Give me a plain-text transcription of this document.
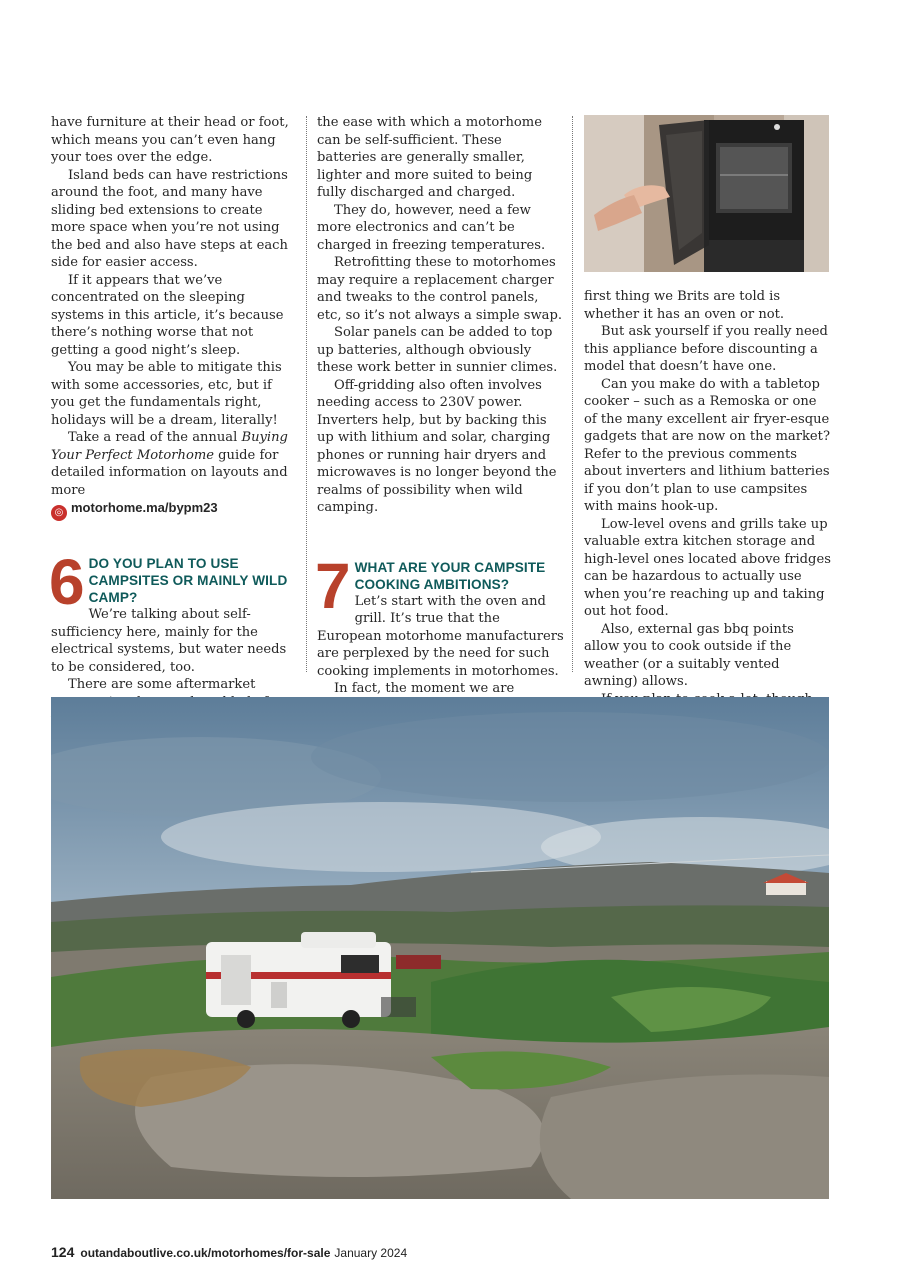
have furniture at their head or foot, which means you can’t even hang your toes over the edge.

Island beds can have restrictions around the foot, and many have sliding bed extensions to create more space when you’re not using the bed and also have steps at each side for easier access.

If it appears that we’ve concentrated on the sleeping systems in this article, it’s because there’s nothing worse that not getting a good night’s sleep.

You may be able to mitigate this with some accessories, etc, but if you get the fundamentals right, holidays will be a dream, literally!

Take a read of the annual Buying Your Perfect Motorhome guide for detailed information on layouts and more

◎ motorhome.ma/bypm23

6 DO YOU PLAN TO USE CAMPSITES OR MAINLY WILD CAMP?

We’re talking about self-sufficiency here, mainly for the electrical systems, but water needs to be considered, too.

There are some aftermarket

the ease with which a motorhome can be self-sufficient. These batteries are generally smaller, lighter and more suited to being fully discharged and charged.

They do, however, need a few more electronics and can’t be charged in freezing temperatures.

Retrofitting these to motorhomes may require a replacement charger and tweaks to the control panels, etc, so it’s not always a simple swap.

Solar panels can be added to top up batteries, although obviously these work better in sunnier climes.

Off-gridding also often involves needing access to 230V power. Inverters help, but by backing this up with lithium and solar, charging phones or running hair dryers and microwaves is no longer beyond the realms of possibility when wild camping.

7 WHAT ARE YOUR CAMPSITE COOKING AMBITIONS?

Let’s start with the oven and grill. It’s true that the European motorhome manufacturers are perplexed by the need for such cooking implements in motorhomes.

In fact, the moment we are

first thing we Brits are told is whether it has an oven or not.

But ask yourself if you really need this appliance before discounting a model that doesn’t have one.

Can you make do with a tabletop cooker – such as a Remoska or one of the many excellent air fryer-esque gadgets that are now on the market? Refer to the previous comments about inverters and lithium batteries if you don’t plan to use campsites with mains hook-up.

Low-level ovens and grills take up valuable extra kitchen storage and high-level ones located above fridges can be hazardous to actually use when you’re reaching up and taking out hot food.

Also, external gas bbq points allow you to cook outside if the weather (or a suitably vented awning) allows.

124 outandaboutlive.co.uk/motorhomes/for-sale January 2024
